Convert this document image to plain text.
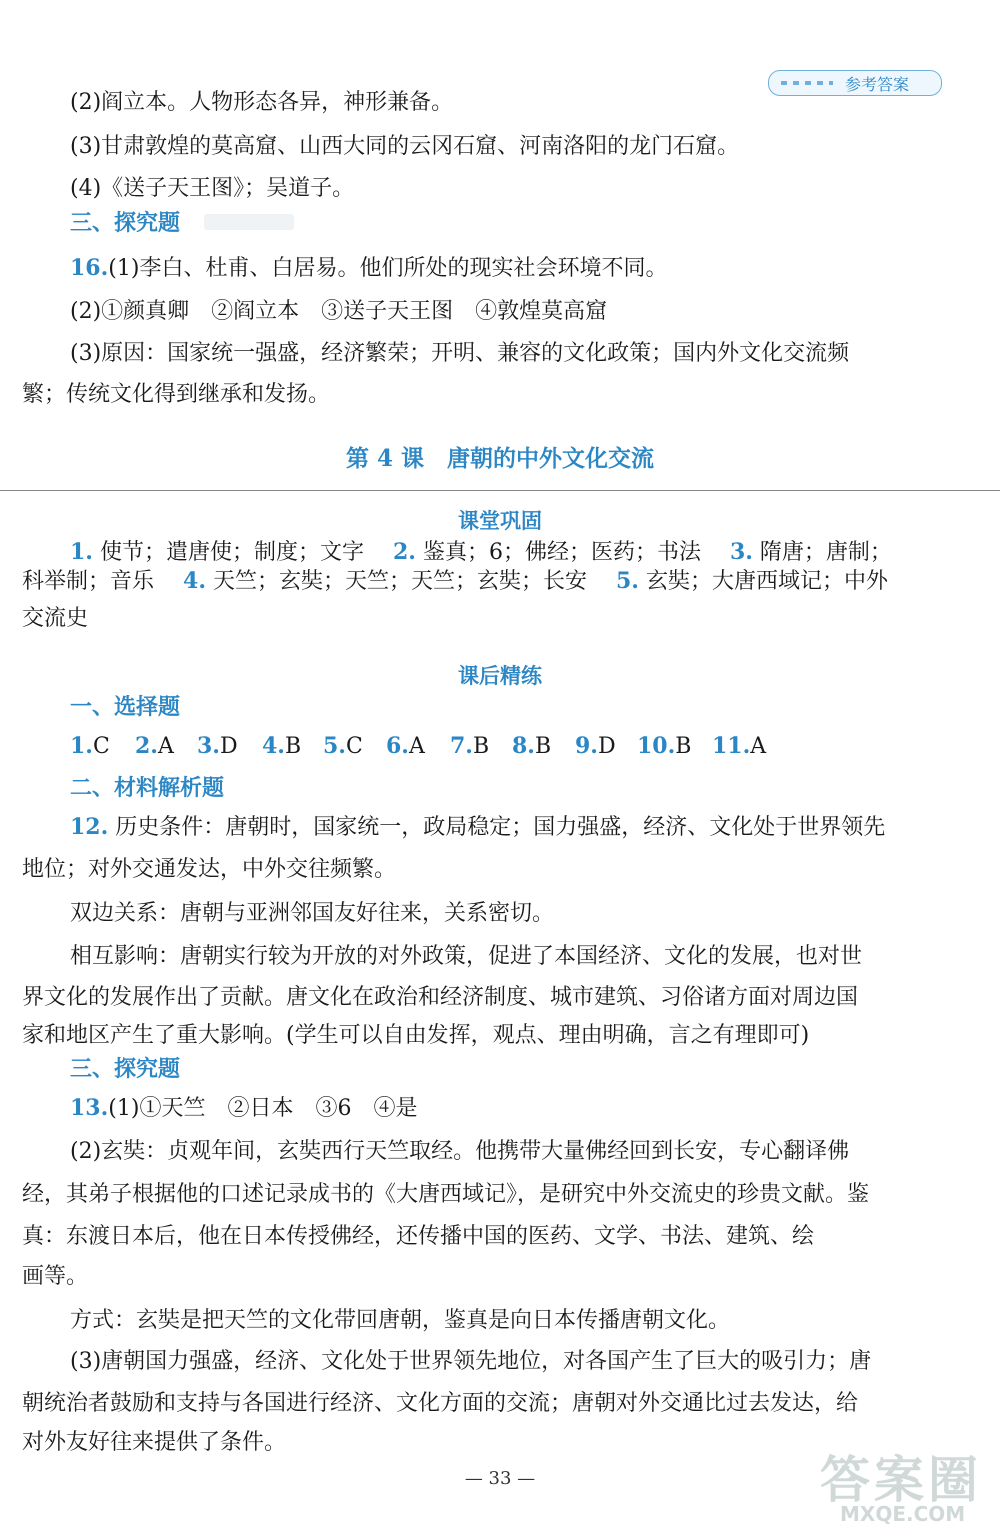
参考答案
(2)阎立本。人物形态各异，神形兼备。
(3)甘肃敦煌的莫高窟、山西大同的云冈石窟、河南洛阳的龙门石窟。
(4)《送子天王图》；吴道子。
三、探究题
16.(1)李白、杜甫、白居易。他们所处的现实社会环境不同。
(2)①颜真卿　②阎立本　③送子天王图　④敦煌莫高窟
(3)原因：国家统一强盛，经济繁荣；开明、兼容的文化政策；国内外文化交流频
繁；传统文化得到继承和发扬。
第 4 课　唐朝的中外文化交流
课堂巩固
1. 使节；遣唐使；制度；文字 　 2. 鉴真；6；佛经；医药；书法 　 3. 隋唐；唐制；
科举制；音乐 　 4. 天竺；玄奘；天竺；天竺；玄奘；长安 　 5. 玄奘；大唐西域记；中外
交流史
课后精练
一、选择题
1.C 2.A 3.D 4.B 5.C 6.A 7.B 8.B 9.D 10.B 11.A
二、材料解析题
12. 历史条件：唐朝时，国家统一，政局稳定；国力强盛，经济、文化处于世界领先
地位；对外交通发达，中外交往频繁。
双边关系：唐朝与亚洲邻国友好往来，关系密切。
相互影响：唐朝实行较为开放的对外政策，促进了本国经济、文化的发展，也对世
界文化的发展作出了贡献。唐文化在政治和经济制度、城市建筑、习俗诸方面对周边国
家和地区产生了重大影响。(学生可以自由发挥，观点、理由明确，言之有理即可)
三、探究题
13.(1)①天竺　②日本　③6　④是
(2)玄奘：贞观年间，玄奘西行天竺取经。他携带大量佛经回到长安，专心翻译佛
经，其弟子根据他的口述记录成书的《大唐西域记》，是研究中外交流史的珍贵文献。鉴
真：东渡日本后，他在日本传授佛经，还传播中国的医药、文学、书法、建筑、绘
画等。
方式：玄奘是把天竺的文化带回唐朝，鉴真是向日本传播唐朝文化。
(3)唐朝国力强盛，经济、文化处于世界领先地位，对各国产生了巨大的吸引力；唐
朝统治者鼓励和支持与各国进行经济、文化方面的交流；唐朝对外交通比过去发达，给
对外友好往来提供了条件。
— 33 —	答案圈
MXQE.COM
